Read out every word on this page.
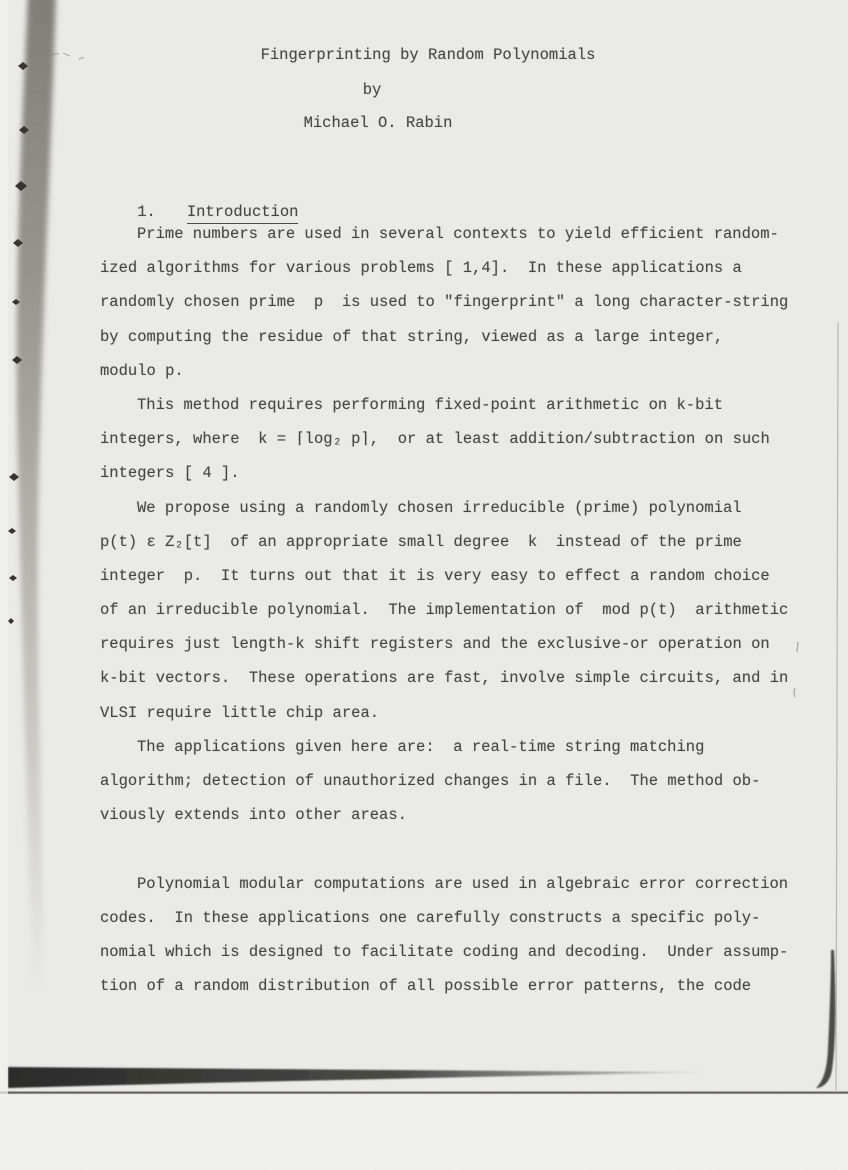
Fingerprinting by Random Polynomials
by
Michael O. Rabin

1. Introduction

Prime numbers are used in several contexts to yield efficient random-
ized algorithms for various problems [ 1,4].  In these applications a
randomly chosen prime  p  is used to "fingerprint" a long character-string
by computing the residue of that string, viewed as a large integer,
modulo p.
This method requires performing fixed-point arithmetic on k-bit
integers, where  k = ⌈log₂ p⌉,  or at least addition/subtraction on such
integers [ 4 ].
We propose using a randomly chosen irreducible (prime) polynomial
p(t) ε Z₂[t]  of an appropriate small degree  k  instead of the prime
integer  p.  It turns out that it is very easy to effect a random choice
of an irreducible polynomial.  The implementation of  mod p(t)  arithmetic
requires just length-k shift registers and the exclusive-or operation on
k-bit vectors.  These operations are fast, involve simple circuits, and in
VLSI require little chip area.
The applications given here are:  a real-time string matching
algorithm; detection of unauthorized changes in a file.  The method ob-
viously extends into other areas.
Polynomial modular computations are used in algebraic error correction
codes.  In these applications one carefully constructs a specific poly-
nomial which is designed to facilitate coding and decoding.  Under assump-
tion of a random distribution of all possible error patterns, the code
